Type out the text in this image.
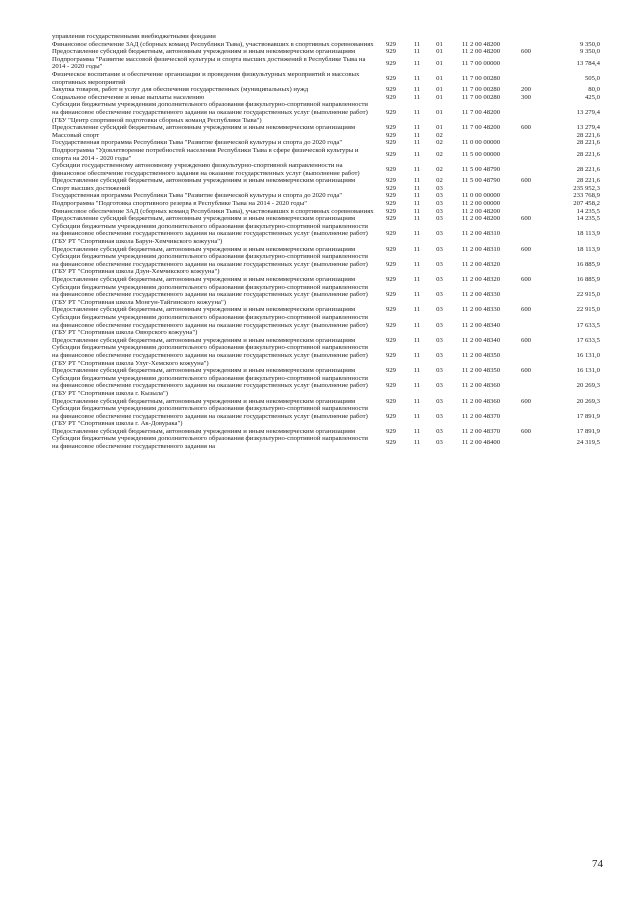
управления государственными внебюджетными фондами						
Финансовое обеспечение ЗАД (сборных команд Республики Тыва), участвовавших в спортивных соревнованиях	929	11	01	11 2 00 48200		9 350,0
Предоставление субсидий бюджетным, автономным учреждениям и иным некоммерческим организациям	929	11	01	11 2 00 48200	600	9 350,0
Подпрограмма "Развитие массовой физической культуры и спорта высших достижений в Республике Тыва на 2014 - 2020 годы"	929	11	01	11 7 00 00000		13 784,4
Физическое воспитание и обеспечение организации и проведения физкультурных мероприятий и массовых спортивных мероприятий	929	11	01	11 7 00 00280		505,0
Закупка товаров, работ и услуг для обеспечения государственных (муниципальных) нужд	929	11	01	11 7 00 00280	200	80,0
Социальное обеспечение и иные выплаты населению	929	11	01	11 7 00 00280	300	425,0
Субсидии бюджетным учреждениям дополнительного образования физкультурно-спортивной направленности на финансовое обеспечение государственного задания на оказание государственных услуг (выполнение работ) (ГБУ "Центр спортивной подготовки сборных команд Республики Тыва")	929	11	01	11 7 00 48200		13 279,4
Предоставление субсидий бюджетным, автономным учреждениям и иным некоммерческим организациям	929	11	01	11 7 00 48200	600	13 279,4
Массовый спорт	929	11	02			28 221,6
Государственная программа Республики Тыва "Развитие физической культуры и спорта до 2020 года"	929	11	02	11 0 00 00000		28 221,6
Подпрограмма "Удовлетворение потребностей населения Республики Тыва в сфере физической культуры и спорта на 2014 - 2020 годы"	929	11	02	11 5 00 00000		28 221,6
Субсидии государственному автономному учреждению физкультурно-спортивной направленности на финансовое обеспечение государственного задания на оказание государственных услуг (выполнение работ)	929	11	02	11 5 00 48790		28 221,6
Предоставление субсидий бюджетным, автономным учреждениям и иным некоммерческим организациям	929	11	02	11 5 00 48790	600	28 221,6
Спорт высших достижений	929	11	03			235 952,3
Государственная программа Республики Тыва "Развитие физической культуры и спорта до 2020 года"	929	11	03	11 0 00 00000		233 768,9
Подпрограмма "Подготовка спортивного резерва в Республике Тыва на 2014 - 2020 годы"	929	11	03	11 2 00 00000		207 458,2
Финансовое обеспечение ЗАД (сборных команд Республики Тыва), участвовавших в спортивных соревнованиях	929	11	03	11 2 00 48200		14 235,5
Предоставление субсидий бюджетным, автономным учреждениям и иным некоммерческим организациям	929	11	03	11 2 00 48200	600	14 235,5
Субсидии бюджетным учреждениям дополнительного образования физкультурно-спортивной направленности на финансовое обеспечение государственного задания на оказание государственных услуг (выполнение работ) (ГБУ РТ "Спортивная школа Барун-Хемчикского кожууна")	929	11	03	11 2 00 48310		18 113,9
Предоставление субсидий бюджетным, автономным учреждениям и иным некоммерческим организациям	929	11	03	11 2 00 48310	600	18 113,9
Субсидии бюджетным учреждениям дополнительного образования физкультурно-спортивной направленности на финансовое обеспечение государственного задания на оказание государственных услуг (выполнение работ) (ГБУ РТ "Спортивная школа Дзун-Хемчикского кожууна")	929	11	03	11 2 00 48320		16 885,9
Предоставление субсидий бюджетным, автономным учреждениям и иным некоммерческим организациям	929	11	03	11 2 00 48320	600	16 885,9
Субсидии бюджетным учреждениям дополнительного образования физкультурно-спортивной направленности на финансовое обеспечение государственного задания на оказание государственных услуг (выполнение работ) (ГБУ РТ "Спортивная школа Монгун-Тайгинского кожууна")	929	11	03	11 2 00 48330		22 915,0
Предоставление субсидий бюджетным, автономным учреждениям и иным некоммерческим организациям	929	11	03	11 2 00 48330	600	22 915,0
Субсидии бюджетным учреждениям дополнительного образования физкультурно-спортивной направленности на финансовое обеспечение государственного задания на оказание государственных услуг (выполнение работ) (ГБУ РТ "Спортивная школа Овюрского кожууна")	929	11	03	11 2 00 48340		17 633,5
Предоставление субсидий бюджетным, автономным учреждениям и иным некоммерческим организациям	929	11	03	11 2 00 48340	600	17 633,5
Субсидии бюджетным учреждениям дополнительного образования физкультурно-спортивной направленности на финансовое обеспечение государственного задания на оказание государственных услуг (выполнение работ) (ГБУ РТ "Спортивная школа Улуг-Хемского кожууна")	929	11	03	11 2 00 48350		16 131,0
Предоставление субсидий бюджетным, автономным учреждениям и иным некоммерческим организациям	929	11	03	11 2 00 48350	600	16 131,0
Субсидии бюджетным учреждениям дополнительного образования физкультурно-спортивной направленности на финансовое обеспечение государственного задания на оказание государственных услуг (выполнение работ) (ГБУ РТ "Спортивная школа г. Кызыла")	929	11	03	11 2 00 48360		20 269,3
Предоставление субсидий бюджетным, автономным учреждениям и иным некоммерческим организациям	929	11	03	11 2 00 48360	600	20 269,3
Субсидии бюджетным учреждениям дополнительного образования физкультурно-спортивной направленности на финансовое обеспечение государственного задания на оказание государственных услуг (выполнение работ) (ГБУ РТ "Спортивная школа г. Ак-Довурака")	929	11	03	11 2 00 48370		17 891,9
Предоставление субсидий бюджетным, автономным учреждениям и иным некоммерческим организациям	929	11	03	11 2 00 48370	600	17 891,9
Субсидии бюджетным учреждениям дополнительного образования физкультурно-спортивной направленности на финансовое обеспечение государственного задания на	929	11	03	11 2 00 48400		24 319,5
74
